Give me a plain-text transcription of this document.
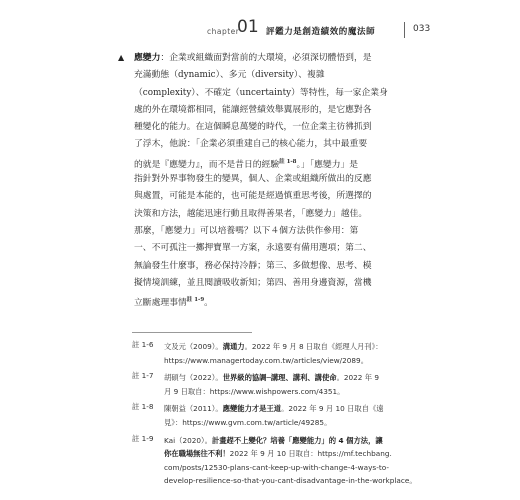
chapter
01 評鑑力是創造績效的魔法師	033
▲	應變力：企業或組織面對當前的大環境，必須深切體悟到，是
充滿動態（dynamic）、多元（diversity）、複雜
（complexity）、不確定（uncertainty）等特性，每一家企業身
處的外在環境都相同，能讓經營績效舉翼展形的，是它應對各
種變化的能力。在這個瞬息萬變的時代，一位企業主彷彿抓到
了浮木，他說：「企業必須重建自己的核心能力，其中最重要
的就是『應變力』，而不是昔日的經驗$^{註 1-8}$。」「應變力」是
指針對外界事物發生的變異，個人、企業或組織所做出的反應
與處置，可能是本能的，也可能是經過慎重思考後，所選擇的
決策和方法，越能迅速行動且取得善果者，「應變力」越佳。
那麼，「應變力」可以培養嗎？以下４個方法供作參用：第
一、不可孤注一擲押寶單一方案，永遠要有備用選項；第二、
無論發生什麼事，務必保持冷靜；第三、多做想像、思考、模
擬情境訓練，並且閱讀吸收新知；第四、善用身邊資源，當機
立斷處理事情$^{註 1-9}$。
註 1-6 文及元（2009）。溝通力。2022 年 9 月 8 日取自《經理人月刊》：
https://www.managertoday.com.tw/articles/view/2089。
註 1-7 胡碩勻（2022）。世界級的協調─講理、講利、講使命。2022 年 9
月 9 日取自：https://www.wishpowers.com/4351。
註 1-8 陳朝益（2011）。應變能力才是王道。2022 年 9 月 10 日取自《遠
見》：https://www.gvm.com.tw/article/49285。
註 1-9 Kai（2020）。計畫趕不上變化？培養「應變能力」的 4 個方法，讓
你在職場無往不利！2022 年 9 月 10 日取自：https://mf.techbang.
com/posts/12530-plans-cant-keep-up-with-change-4-ways-to-
develop-resilience-so-that-you-cant-disadvantage-in-the-workplace。
